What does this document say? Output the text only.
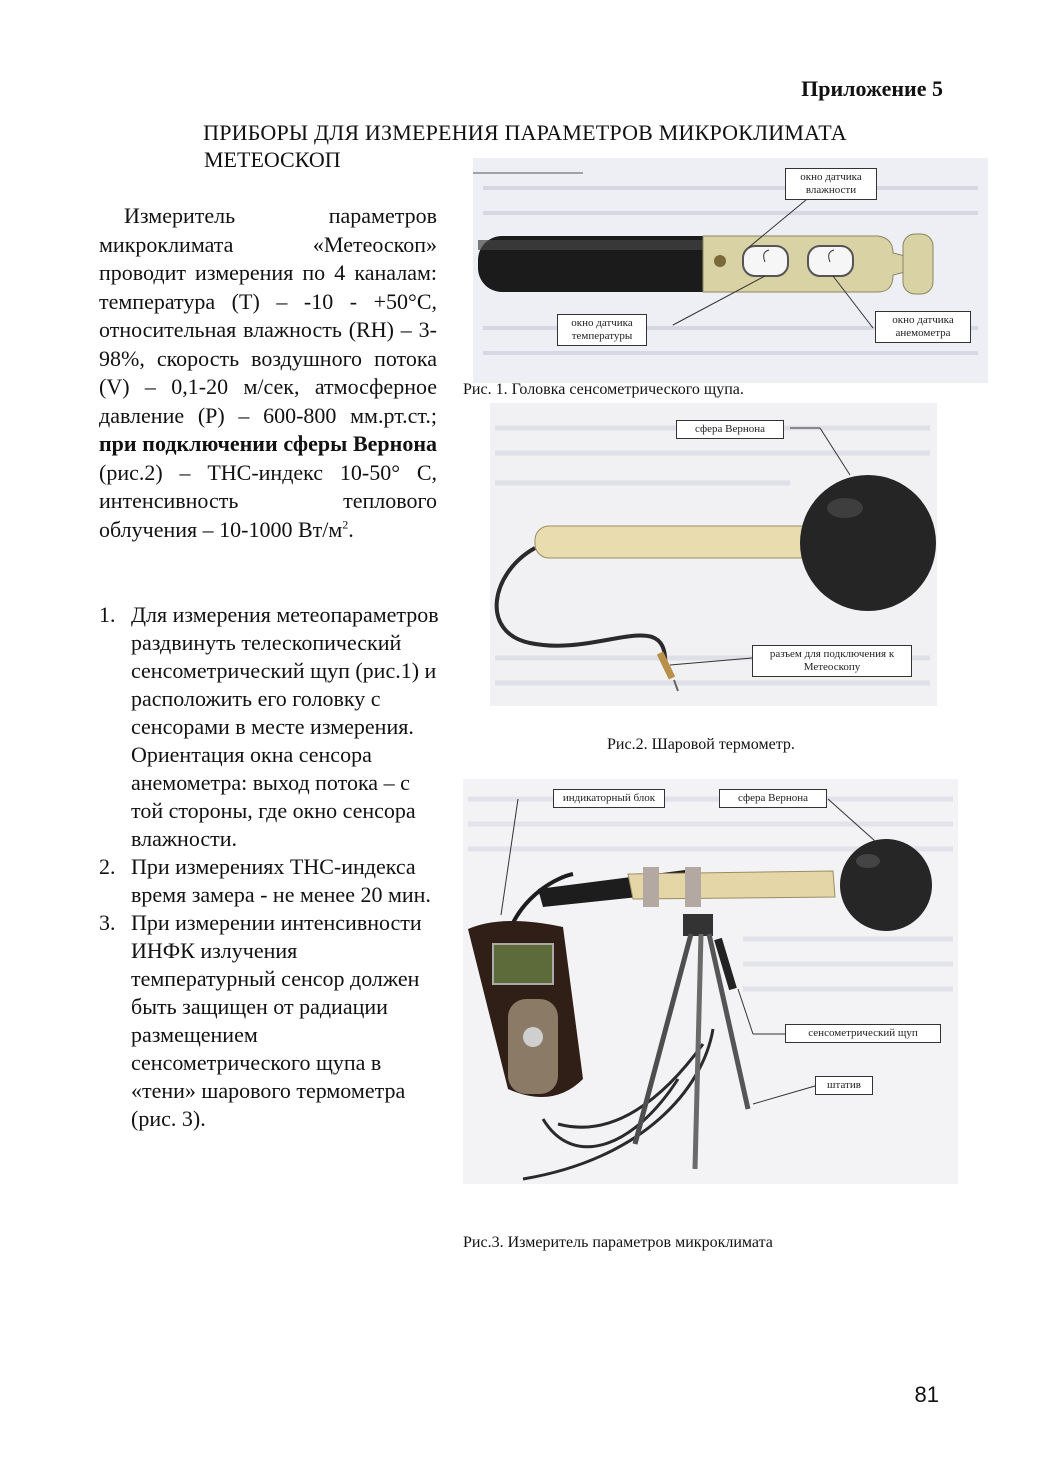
Приложение 5
ПРИБОРЫ ДЛЯ ИЗМЕРЕНИЯ ПАРАМЕТРОВ МИКРОКЛИМАТА
МЕТЕОСКОП

Измеритель параметров микроклимата «Метеоскоп» проводит измерения по 4 каналам: температура (Т) – -10 - +50°С, относительная влажность (RH) – 3-98%, скорость воздушного потока (V) – 0,1-20 м/сек, атмосферное давление (Р) – 600-800 мм.рт.ст.; при подключении сферы Вернона (рис.2) – ТНС-индекс 10-50° С, интенсивность теплового облучения – 10-1000 $Вт/м^2$.

1. Для измерения метеопараметров раздвинуть телескопический сенсометрический щуп (рис.1) и расположить его головку с сенсорами в месте измерения. Ориентация окна сенсора анемометра: выход потока – с той стороны, где окно сенсора влажности.
2. При измерениях ТНС-индекса время замера - не менее 20 мин.
3. При измерении интенсивности ИНФК излучения температурный сенсор должен быть защищен от радиации размещением сенсометрического щупа в «тени» шарового термометра (рис. 3).
окно датчика влажности
окно датчика температуры
окно датчика анемометра
Рис. 1. Головка сенсометрического щупа.
сфера Вернона
разъем для подключения к Метеоскопу
Рис.2. Шаровой термометр.
индикаторный блок	сфера Вернона
сенсометрический щуп
штатив
Рис.3. Измеритель параметров микроклимата
81
